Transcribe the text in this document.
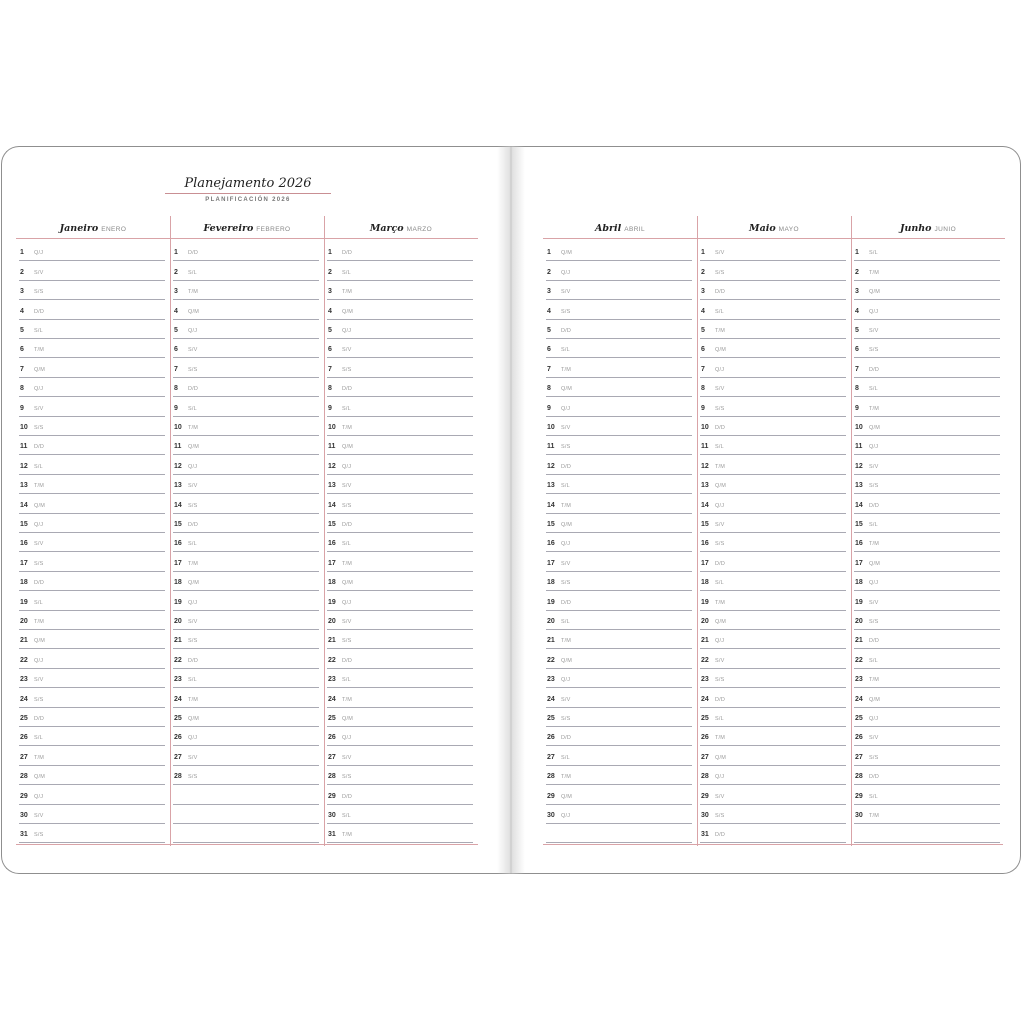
Planejamento 2026
PLANIFICACIÓN 2026
Janeiro ENERO
1 Q/J
2 S/V
3 S/S
4 D/D
5 S/L
6 T/M
7 Q/M
8 Q/J
9 S/V
10 S/S
11 D/D
12 S/L
13 T/M
14 Q/M
15 Q/J
16 S/V
17 S/S
18 D/D
19 S/L
20 T/M
21 Q/M
22 Q/J
23 S/V
24 S/S
25 D/D
26 S/L
27 T/M
28 Q/M
29 Q/J
30 S/V
31 S/S
Fevereiro FEBRERO
1 D/D
2 S/L
3 T/M
4 Q/M
5 Q/J
6 S/V
7 S/S
8 D/D
9 S/L
10 T/M
11 Q/M
12 Q/J
13 S/V
14 S/S
15 D/D
16 S/L
17 T/M
18 Q/M
19 Q/J
20 S/V
21 S/S
22 D/D
23 S/L
24 T/M
25 Q/M
26 Q/J
27 S/V
28 S/S
Março MARZO
1 D/D
2 S/L
3 T/M
4 Q/M
5 Q/J
6 S/V
7 S/S
8 D/D
9 S/L
10 T/M
11 Q/M
12 Q/J
13 S/V
14 S/S
15 D/D
16 S/L
17 T/M
18 Q/M
19 Q/J
20 S/V
21 S/S
22 D/D
23 S/L
24 T/M
25 Q/M
26 Q/J
27 S/V
28 S/S
29 D/D
30 S/L
31 T/M
Abril ABRIL
1 Q/M
2 Q/J
3 S/V
4 S/S
5 D/D
6 S/L
7 T/M
8 Q/M
9 Q/J
10 S/V
11 S/S
12 D/D
13 S/L
14 T/M
15 Q/M
16 Q/J
17 S/V
18 S/S
19 D/D
20 S/L
21 T/M
22 Q/M
23 Q/J
24 S/V
25 S/S
26 D/D
27 S/L
28 T/M
29 Q/M
30 Q/J
Maio MAYO
1 S/V
2 S/S
3 D/D
4 S/L
5 T/M
6 Q/M
7 Q/J
8 S/V
9 S/S
10 D/D
11 S/L
12 T/M
13 Q/M
14 Q/J
15 S/V
16 S/S
17 D/D
18 S/L
19 T/M
20 Q/M
21 Q/J
22 S/V
23 S/S
24 D/D
25 S/L
26 T/M
27 Q/M
28 Q/J
29 S/V
30 S/S
31 D/D
Junho JUNIO
1 S/L
2 T/M
3 Q/M
4 Q/J
5 S/V
6 S/S
7 D/D
8 S/L
9 T/M
10 Q/M
11 Q/J
12 S/V
13 S/S
14 D/D
15 S/L
16 T/M
17 Q/M
18 Q/J
19 S/V
20 S/S
21 D/D
22 S/L
23 T/M
24 Q/M
25 Q/J
26 S/V
27 S/S
28 D/D
29 S/L
30 T/M
